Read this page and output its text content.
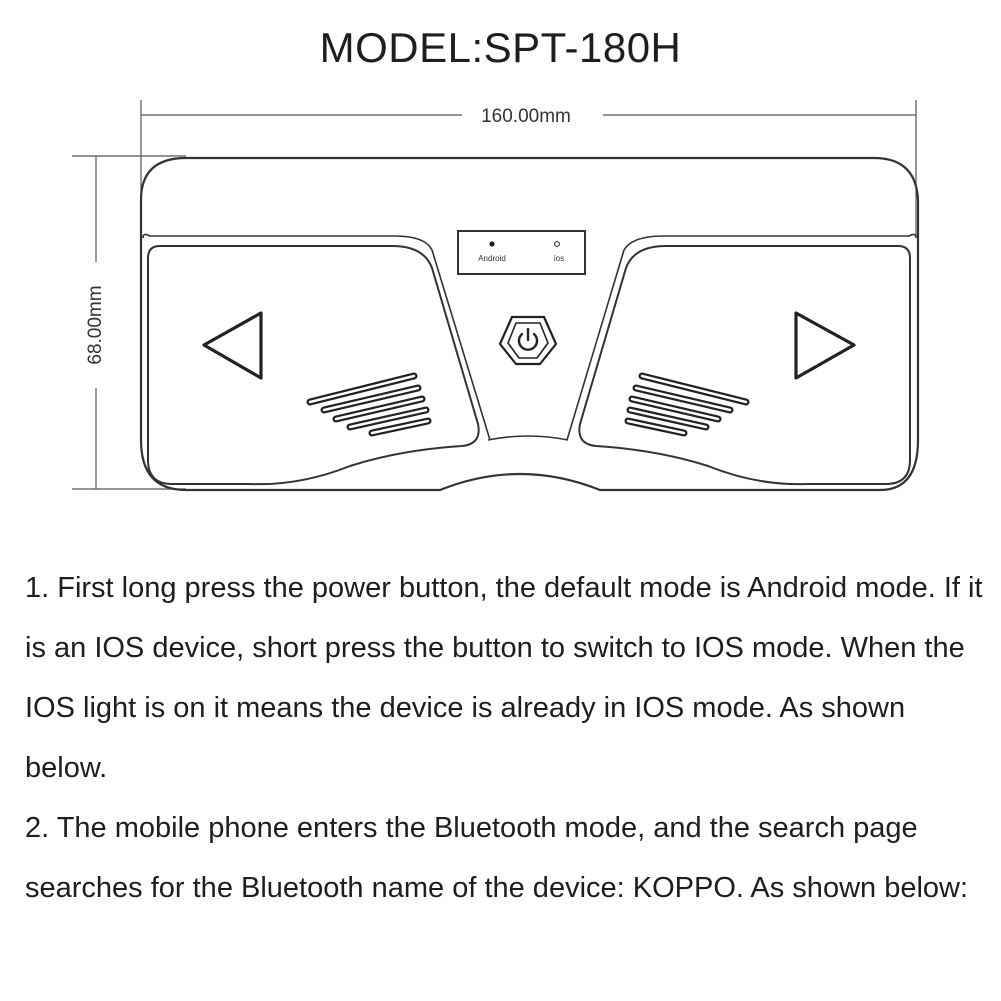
MODEL:SPT-180H
160.00mm
68.00mm
Android	ios

1. First long press the power button, the default mode is Android mode. If it is an IOS device, short press the button to switch to IOS mode. When the IOS light is on it means the device is already in IOS mode. As shown below.

2. The mobile phone enters the Bluetooth mode, and the search page searches for the Bluetooth name of the device: KOPPO. As shown below:
